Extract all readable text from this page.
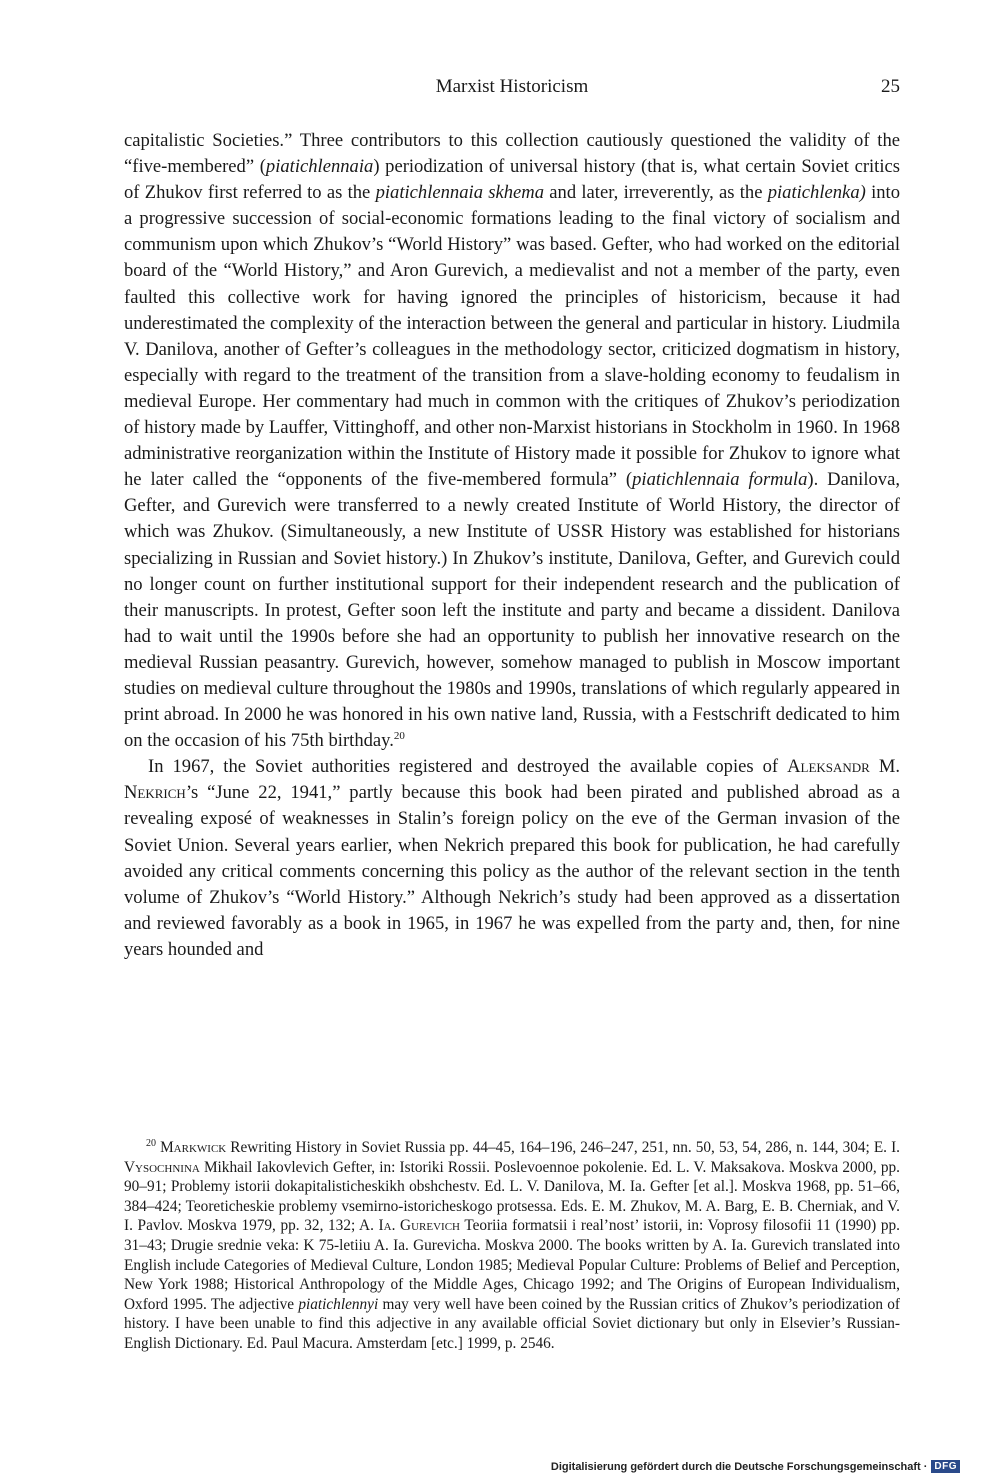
Marxist Historicism	25

capitalistic Societies.” Three contributors to this collection cautiously questioned the validity of the “five-membered” (piatichlennaia) periodization of universal history (that is, what certain Soviet critics of Zhukov first referred to as the piatichlennaia skhema and later, irreverently, as the piatichlenka) into a progressive succession of social-economic formations leading to the final victory of socialism and communism upon which Zhukov’s “World History” was based. Gefter, who had worked on the editorial board of the “World History,” and Aron Gurevich, a medievalist and not a member of the party, even faulted this collective work for having ignored the principles of historicism, because it had underestimated the complexity of the interaction between the general and particular in history. Liudmila V. Danilova, another of Gefter’s colleagues in the methodology sector, criticized dogmatism in history, especially with regard to the treatment of the transition from a slave-holding economy to feudalism in medieval Europe. Her commentary had much in common with the critiques of Zhukov’s periodization of history made by Lauffer, Vittinghoff, and other non-Marxist historians in Stockholm in 1960. In 1968 administrative reorganization within the Institute of History made it possible for Zhukov to ignore what he later called the “opponents of the five-membered formula” (piatichlennaia formula). Danilova, Gefter, and Gurevich were transferred to a newly created Institute of World History, the director of which was Zhukov. (Simultaneously, a new Institute of USSR History was established for historians specializing in Russian and Soviet history.) In Zhukov’s institute, Danilova, Gefter, and Gurevich could no longer count on further institutional support for their independent research and the publication of their manuscripts. In protest, Gefter soon left the institute and party and became a dissident. Danilova had to wait until the 1990s before she had an opportunity to publish her innovative research on the medieval Russian peasantry. Gurevich, however, somehow managed to publish in Moscow important studies on medieval culture throughout the 1980s and 1990s, translations of which regularly appeared in print abroad. In 2000 he was honored in his own native land, Russia, with a Festschrift dedicated to him on the occasion of his 75th birthday.$^{20}$

In 1967, the Soviet authorities registered and destroyed the available copies of Aleksandr M. Nekrich’s “June 22, 1941,” partly because this book had been pirated and published abroad as a revealing exposé of weaknesses in Stalin’s foreign policy on the eve of the German invasion of the Soviet Union. Several years earlier, when Nekrich prepared this book for publication, he had carefully avoided any critical comments concerning this policy as the author of the relevant section in the tenth volume of Zhukov’s “World History.” Although Nekrich’s study had been approved as a dissertation and reviewed favorably as a book in 1965, in 1967 he was expelled from the party and, then, for nine years hounded and

$^{20}$ Markwick Rewriting History in Soviet Russia pp. 44–45, 164–196, 246–247, 251, nn. 50, 53, 54, 286, n. 144, 304; E. I. Vysochnina Mikhail Iakovlevich Gefter, in: Istoriki Rossii. Poslevoennoe pokolenie. Ed. L. V. Maksakova. Moskva 2000, pp. 90–91; Problemy istorii dokapitalisticheskikh obshchestv. Ed. L. V. Danilova, M. Ia. Gefter [et al.]. Moskva 1968, pp. 51–66, 384–424; Teoreticheskie problemy vsemirno-istoricheskogo protsessa. Eds. E. M. Zhukov, M. A. Barg, E. B. Cherniak, and V. I. Pavlov. Moskva 1979, pp. 32, 132; A. Ia. Gurevich Teoriia formatsii i real’nost’ istorii, in: Voprosy filosofii 11 (1990) pp. 31–43; Drugie srednie veka: K 75-letiiu A. Ia. Gurevicha. Moskva 2000. The books written by A. Ia. Gurevich translated into English include Categories of Medieval Culture, London 1985; Medieval Popular Culture: Problems of Belief and Perception, New York 1988; Historical Anthropology of the Middle Ages, Chicago 1992; and The Origins of European Individualism, Oxford 1995. The adjective piatichlennyi may very well have been coined by the Russian critics of Zhukov’s periodization of history. I have been unable to find this adjective in any available official Soviet dictionary but only in Elsevier’s Russian-English Dictionary. Ed. Paul Macura. Amsterdam [etc.] 1999, p. 2546.

Digitalisierung gefördert durch die Deutsche Forschungsgemeinschaft · DFG
